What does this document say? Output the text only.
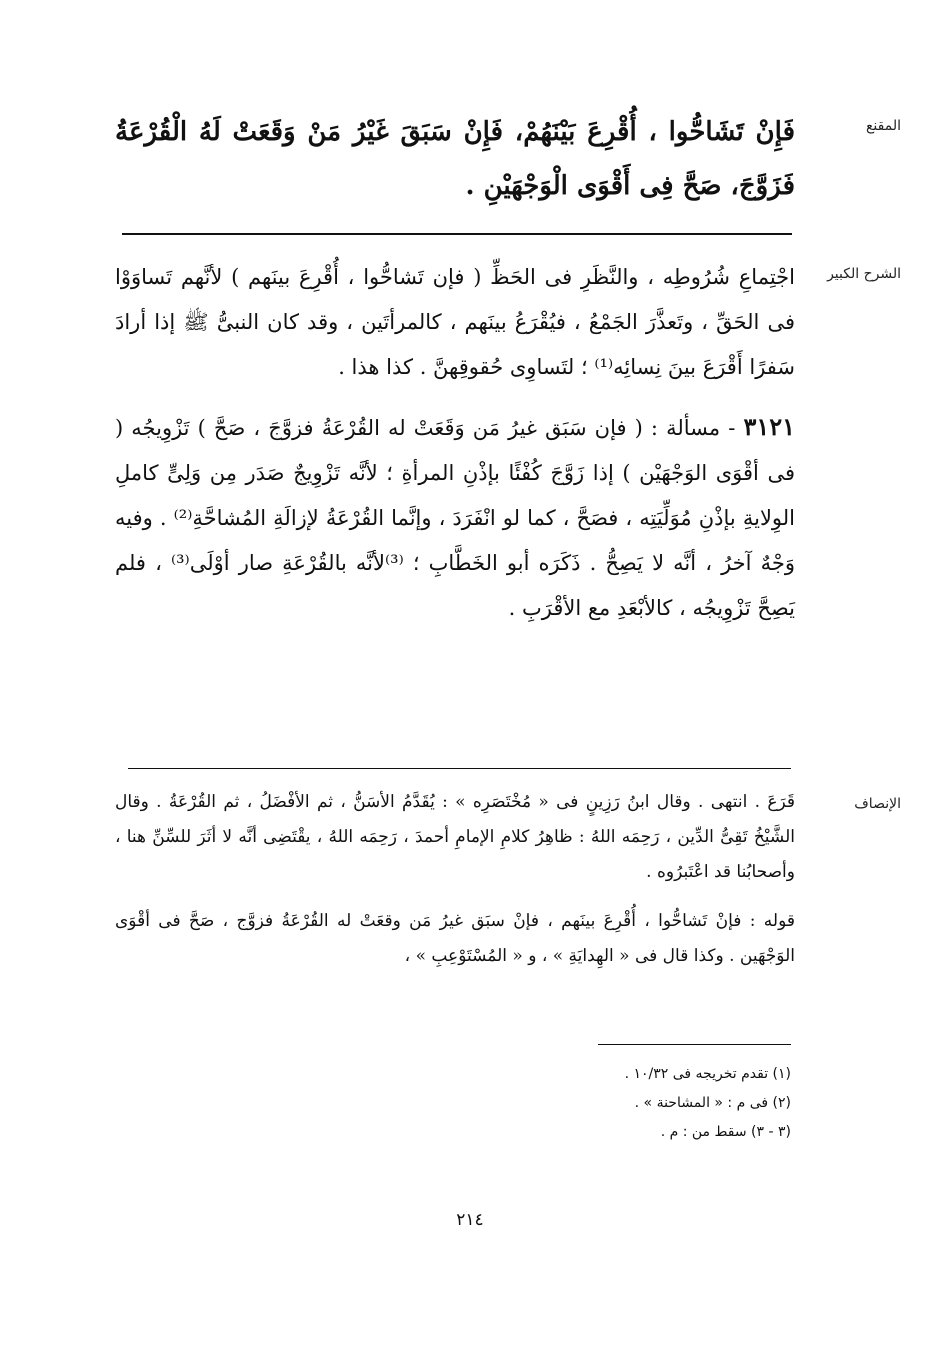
المقنع
فَإِنْ تَشَاحُّوا ، أُقْرِعَ بَيْنَهُمْ، فَإِنْ سَبَقَ غَيْرُ مَنْ وَقَعَتْ لَهُ الْقُرْعَةُ فَزَوَّجَ، صَحَّ فِى أَقْوَى الْوَجْهَيْنِ .
الشرح الكبير

اجْتِماعِ شُرُوطِه ، والنَّظَرِ فى الحَظِّ ( فإن تَشاحُّوا ، أُقْرِعَ بينَهم ) لأنَّهم تَساوَوْا فى الحَقِّ ، وتَعذَّرَ الجَمْعُ ، فيُقْرَعُ بينَهم ، كالمرأتَين ، وقد كان النبىُّ ﷺ إذا أرادَ سَفرًا أَقْرَعَ بينَ نِسائِه⁽¹⁾ ؛ لتَساوِى حُقوقِهنَّ . كذا هذا .

٣١٢١ - مسألة : ( فإن سَبَق غيرُ مَن وَقَعَتْ له القُرْعَةُ فزوَّجَ ، صَحَّ ) تَزْوِيجُه ( فى أقْوَى الوَجْهَيْن ) إذا زَوَّجَ كُفْئًا بإذْنِ المرأةِ ؛ لأنَّه تَزْوِيجٌ صَدَر مِن وَلِىٍّ كاملِ الوِلايةِ بإذْنِ مُوَلِّيَتِه ، فصَحَّ ، كما لو انْفَرَدَ ، وإنَّما القُرْعَةُ لإزالَةِ المُشاحَّةِ⁽²⁾ . وفيه وَجْهٌ آخرُ ، أنَّه لا يَصِحُّ . ذَكَرَه أبو الخَطَّابِ ؛ ⁽³⁾لأنَّه بالقُرْعَةِ صار أوْلَى⁽³⁾ ، فلم يَصِحَّ تَزْوِيجُه ، كالأبْعَدِ مع الأقْرَبِ .

الإنصاف

قَرَعَ . انتهى . وقال ابنُ رَزِينٍ فى « مُخْتَصَرِه » : يُقَدَّمُ الأسَنُّ ، ثم الأفْضَلُ ، ثم القُرْعَةُ . وقال الشَّيْخُ تَقِىُّ الدِّين ، رَحِمَه اللهُ : ظاهِرُ كلامِ الإمامِ أحمدَ ، رَحِمَه اللهُ ، يقْتَضِى أنَّه لا أثَرَ للسِّنِّ هنا ، وأصحابُنا قد اعْتَبرُوه .

قوله : فإنْ تَشاحُّوا ، أُقْرِعَ بينَهم ، فإنْ سبَق غيرُ مَن وقعَتْ له القُرْعَةُ فزوَّج ، صَحَّ فى أقْوَى الوَجْهَين . وكذا قال فى « الهِدايَةِ » ، و « المُسْتَوْعِبِ » ،

(١) تقدم تخريجه فى ١٠/٣٢ .
(٢) فى م : « المشاحنة » .
(٣ - ٣) سقط من : م .
٢١٤
